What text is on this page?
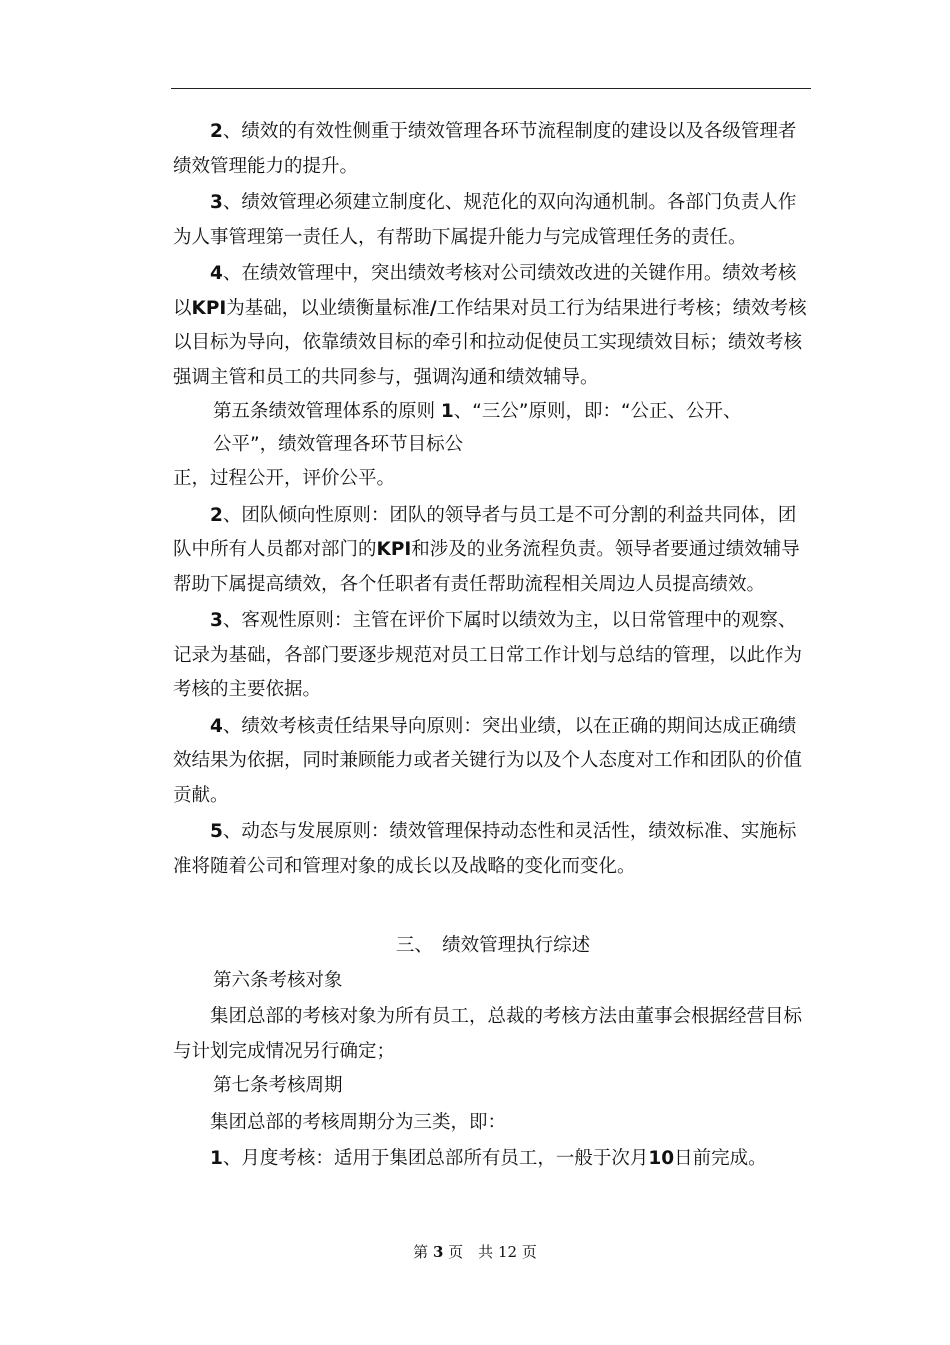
2、绩效的有效性侧重于绩效管理各环节流程制度的建设以及各级管理者绩效管理能力的提升。

3、绩效管理必须建立制度化、规范化的双向沟通机制。各部门负责人作为人事管理第一责任人，有帮助下属提升能力与完成管理任务的责任。

4、在绩效管理中，突出绩效考核对公司绩效改进的关键作用。绩效考核以KPI为基础，以业绩衡量标准/工作结果对员工行为结果进行考核；绩效考核以目标为导向，依靠绩效目标的牵引和拉动促使员工实现绩效目标；绩效考核强调主管和员工的共同参与，强调沟通和绩效辅导。

第五条绩效管理体系的原则 1、“三公”原则，即：“公正、公开、

公平”，绩效管理各环节目标公

正，过程公开，评价公平。

2、团队倾向性原则：团队的领导者与员工是不可分割的利益共同体，团队中所有人员都对部门的KPI和涉及的业务流程负责。领导者要通过绩效辅导帮助下属提高绩效，各个任职者有责任帮助流程相关周边人员提高绩效。

3、客观性原则：主管在评价下属时以绩效为主，以日常管理中的观察、记录为基础，各部门要逐步规范对员工日常工作计划与总结的管理，以此作为考核的主要依据。

4、绩效考核责任结果导向原则：突出业绩，以在正确的期间达成正确绩效结果为依据，同时兼顾能力或者关键行为以及个人态度对工作和团队的价值贡献。

5、动态与发展原则：绩效管理保持动态性和灵活性，绩效标准、实施标准将随着公司和管理对象的成长以及战略的变化而变化。

三、　绩效管理执行综述

第六条考核对象

集团总部的考核对象为所有员工，总裁的考核方法由董事会根据经营目标与计划完成情况另行确定；

第七条考核周期

集团总部的考核周期分为三类，即：

1、月度考核：适用于集团总部所有员工，一般于次月10日前完成。

第 3 页　共 12 页
